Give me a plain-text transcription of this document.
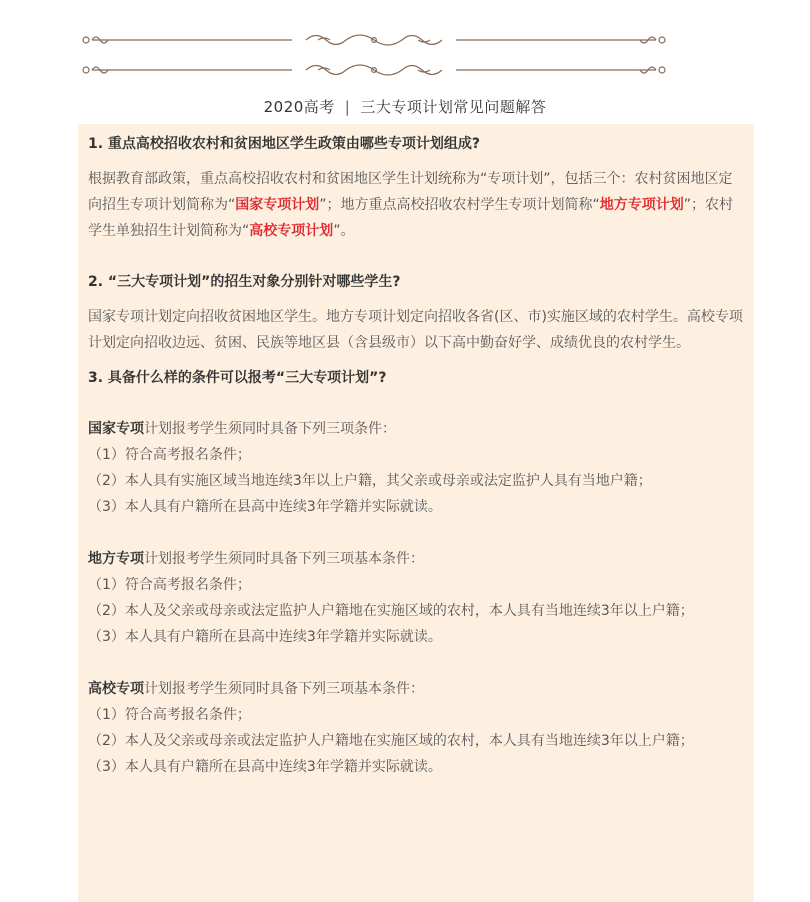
2020高考 | 三大专项计划常见问题解答

1. 重点高校招收农村和贫困地区学生政策由哪些专项计划组成?

根据教育部政策，重点高校招收农村和贫困地区学生计划统称为“专项计划”，包括三个：农村贫困地区定向招生专项计划简称为“国家专项计划”；地方重点高校招收农村学生专项计划简称“地方专项计划”；农村学生单独招生计划简称为“高校专项计划”。

2. “三大专项计划”的招生对象分别针对哪些学生?

国家专项计划定向招收贫困地区学生。地方专项计划定向招收各省(区、市)实施区域的农村学生。高校专项计划定向招收边远、贫困、民族等地区县（含县级市）以下高中勤奋好学、成绩优良的农村学生。

3. 具备什么样的条件可以报考“三大专项计划”?

国家专项计划报考学生须同时具备下列三项条件：

（1）符合高考报名条件；

（2）本人具有实施区域当地连续3年以上户籍，其父亲或母亲或法定监护人具有当地户籍；

（3）本人具有户籍所在县高中连续3年学籍并实际就读。

地方专项计划报考学生须同时具备下列三项基本条件：

（1）符合高考报名条件；

（2）本人及父亲或母亲或法定监护人户籍地在实施区域的农村，本人具有当地连续3年以上户籍；

（3）本人具有户籍所在县高中连续3年学籍并实际就读。

高校专项计划报考学生须同时具备下列三项基本条件：

（1）符合高考报名条件；

（2）本人及父亲或母亲或法定监护人户籍地在实施区域的农村，本人具有当地连续3年以上户籍；

（3）本人具有户籍所在县高中连续3年学籍并实际就读。
